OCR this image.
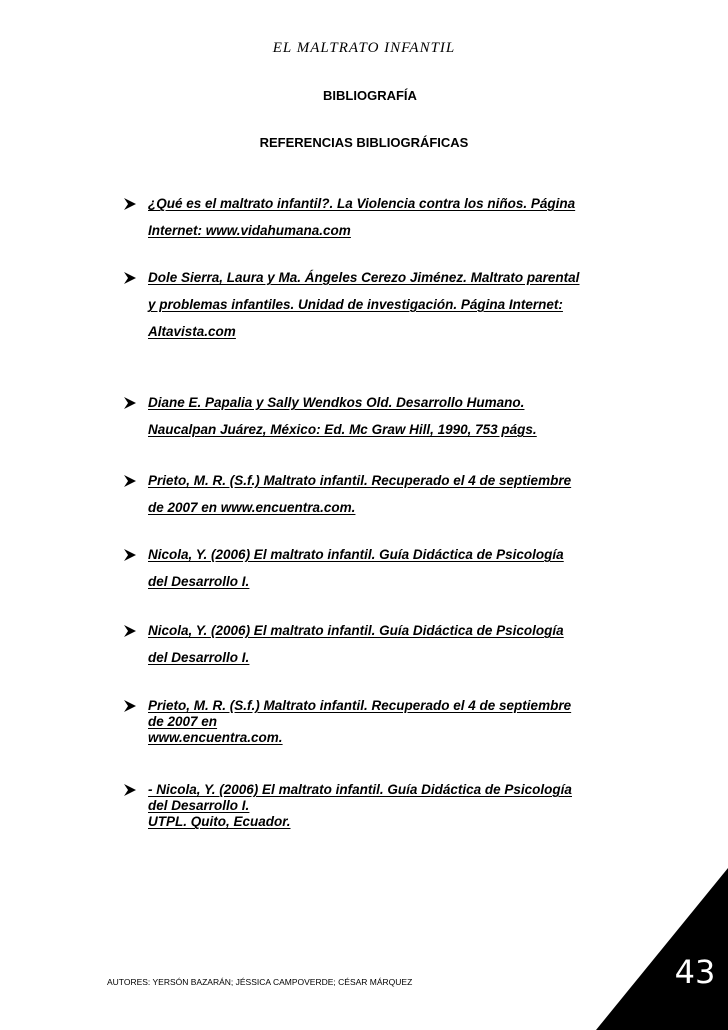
EL MALTRATO INFANTIL
BIBLIOGRAFÍA
REFERENCIAS BIBLIOGRÁFICAS
¿Qué es el maltrato infantil?. La Violencia contra los niños. Página
Internet: www.vidahumana.com
Dole Sierra, Laura y Ma. Ángeles Cerezo Jiménez. Maltrato parental
y problemas infantiles. Unidad de investigación. Página Internet:
Altavista.com
Diane E. Papalia y Sally Wendkos Old. Desarrollo Humano.
Naucalpan Juárez, México: Ed. Mc Graw Hill, 1990, 753 págs.
Prieto, M. R. (S.f.) Maltrato infantil. Recuperado el 4 de septiembre
de 2007 en www.encuentra.com.
Nicola, Y. (2006) El maltrato infantil. Guía Didáctica de Psicología
del Desarrollo I.
Nicola, Y. (2006) El maltrato infantil. Guía Didáctica de Psicología
del Desarrollo I.
Prieto, M. R. (S.f.) Maltrato infantil. Recuperado el 4 de septiembre
de 2007 en
www.encuentra.com.
- Nicola, Y. (2006) El maltrato infantil. Guía Didáctica de Psicología
del Desarrollo I.
UTPL. Quito, Ecuador.
AUTORES: YERSÓN BAZARÁN; JÉSSICA CAMPOVERDE; CÉSAR MÁRQUEZ	43
